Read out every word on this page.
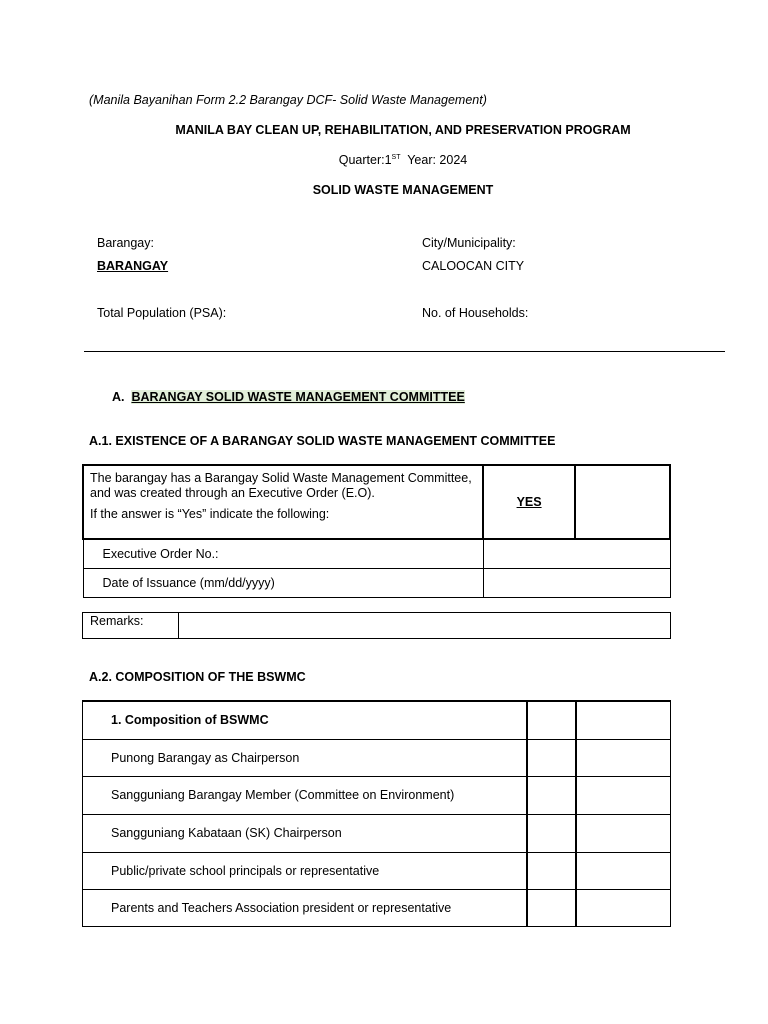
(Manila Bayanihan Form 2.2 Barangay DCF- Solid Waste Management)
MANILA BAY CLEAN UP, REHABILITATION, AND PRESERVATION PROGRAM
Quarter:1ST Year: 2024
SOLID WASTE MANAGEMENT
Barangay:
BARANGAY
City/Municipality:
CALOOCAN CITY
Total Population (PSA):	No. of Households:
A. BARANGAY SOLID WASTE MANAGEMENT COMMITTEE
A.1. EXISTENCE OF A BARANGAY SOLID WASTE MANAGEMENT COMMITTEE
The barangay has a Barangay Solid Waste Management Committee, and was created through an Executive Order (E.O).
If the answer is “Yes” indicate the following:	YES	
Executive Order No.:		
Date of Issuance (mm/dd/yyyy)		
Remarks:	
A.2. COMPOSITION OF THE BSWMC
1. Composition of BSWMC		
Punong Barangay as Chairperson		
Sangguniang Barangay Member (Committee on Environment)		
Sangguniang Kabataan (SK) Chairperson		
Public/private school principals or representative		
Parents and Teachers Association president or representative		
